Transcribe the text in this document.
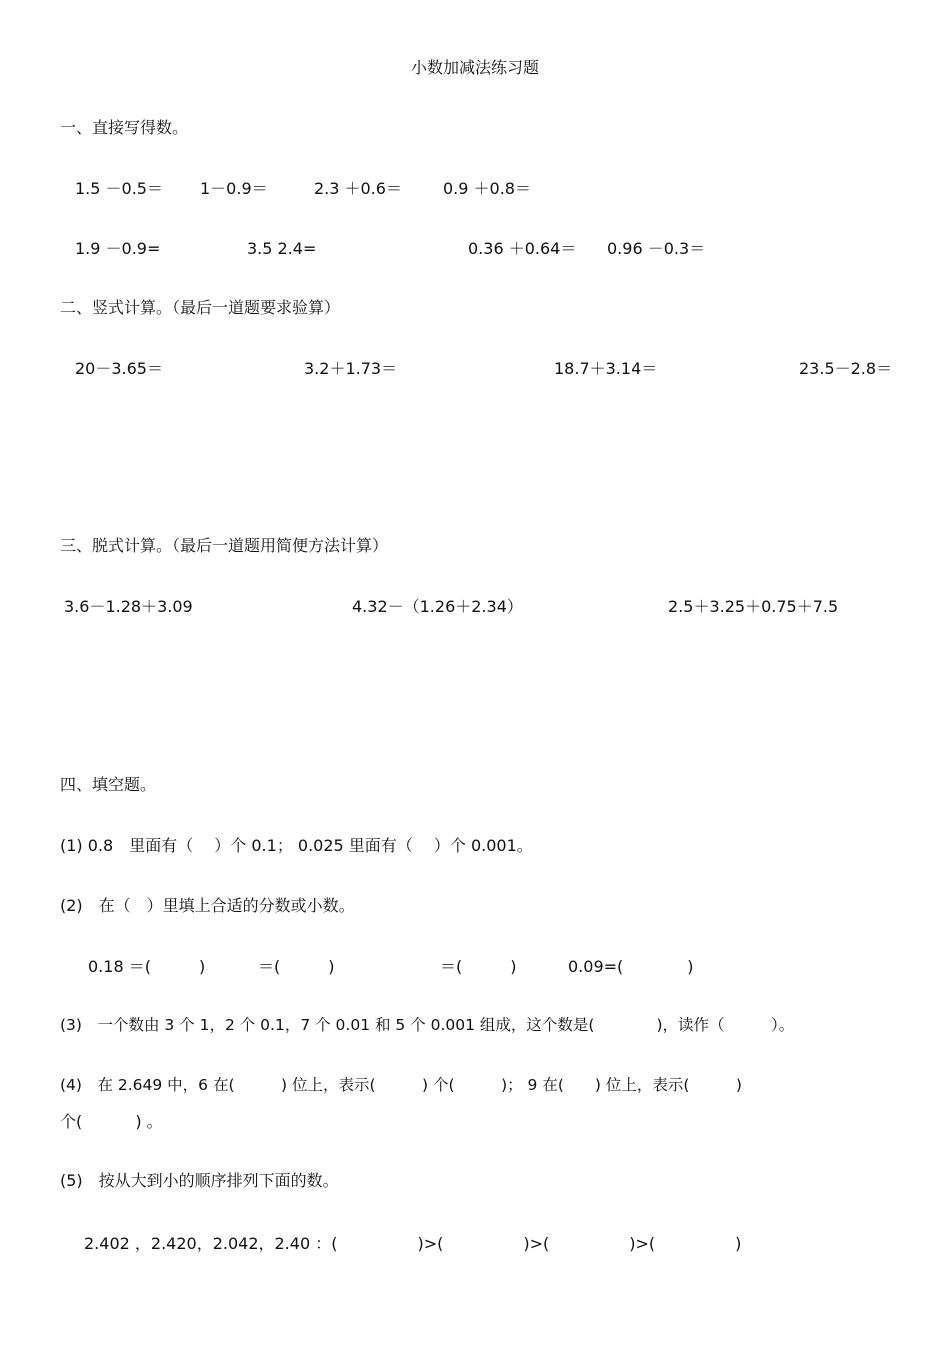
小数加减法练习题
一、直接写得数。
1.5 －0.5＝ 1－0.9＝	2.3 ＋0.6＝	0.9 ＋0.8＝
1.9 －0.9=	3.5 2.4=	0.36 ＋0.64＝ 0.96 －0.3＝
二、竖式计算。（最后一道题要求验算）
20－3.65＝	3.2＋1.73＝	18.7＋3.14＝	23.5－2.8＝
三、脱式计算。（最后一道题用简便方法计算）
3.6－1.28＋3.09	4.32－（1.26＋2.34）	2.5＋3.25＋0.75＋7.5
四、填空题。
(1) 0.8　里面有（　 ）个 0.1； 0.025 里面有（　 ）个 0.001。
(2)　在（　）里填上合适的分数或小数。
0.18 ＝(　　　)	＝(　　　)	＝(　　　)	0.09=(　　　　)
(3)　一个数由 3 个 1，2 个 0.1，7 个 0.01 和 5 个 0.001 组成，这个数是(　　　　)，读作（　　　）。
(4)　在 2.649 中，6 在(　　　) 位上，表示(　　　) 个(　　　)； 9 在(　　) 位上，表示(　　　)
个(　　　 ) 。
(5)　按从大到小的顺序排列下面的数。
2.402 ，2.420，2.042，2.40 ：(　　　　　)>(　　　　　)>(　　　　　)>(　　　　　)
